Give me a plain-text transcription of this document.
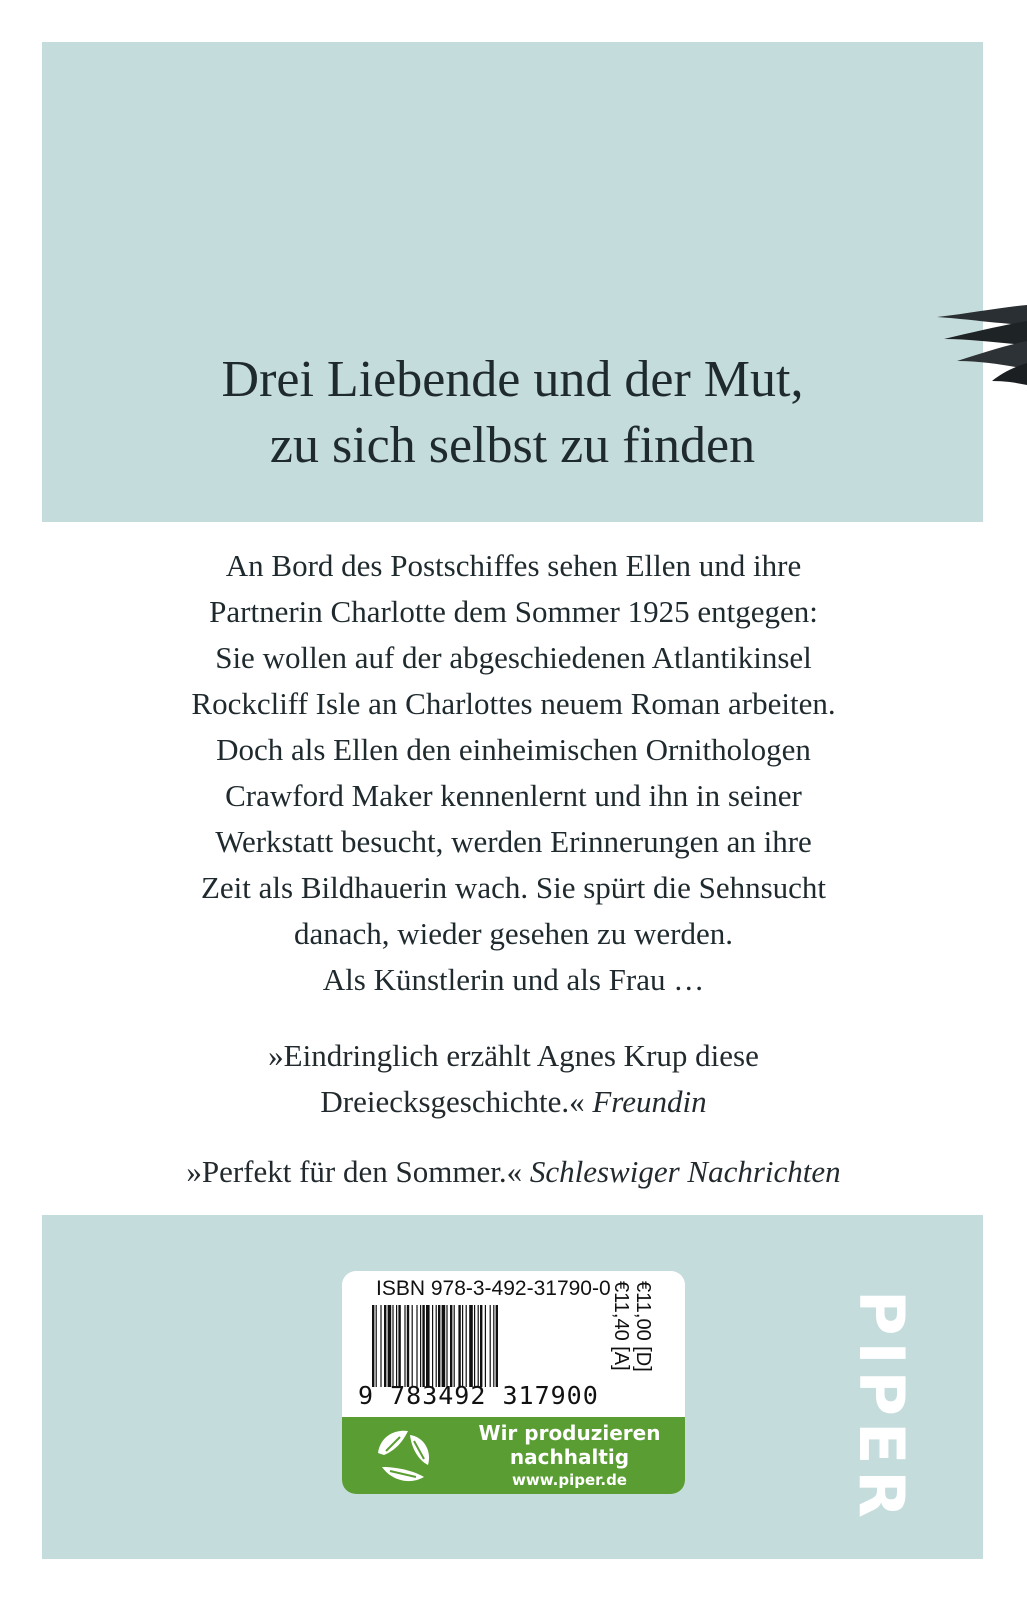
Drei Liebende und der Mut,
zu sich selbst zu finden
An Bord des Postschiffes sehen Ellen und ihre
Partnerin Charlotte dem Sommer 1925 entgegen:
Sie wollen auf der abgeschiedenen Atlantikinsel
Rockcliff Isle an Charlottes neuem Roman arbeiten.
Doch als Ellen den einheimischen Ornithologen
Crawford Maker kennenlernt und ihn in seiner
Werkstatt besucht, werden Erinnerungen an ihre
Zeit als Bildhauerin wach. Sie spürt die Sehnsucht
danach, wieder gesehen zu werden.
Als Künstlerin und als Frau …
»Eindringlich erzählt Agnes Krup diese
Dreiecksgeschichte.« Freundin
»Perfekt für den Sommer.« Schleswiger Nachrichten
ISBN 978-3-492-31790-0
9 783492 317900
€11,00 [D]
€11,40 [A]
Wir produzieren
nachhaltig
www.piper.de	PIPER
